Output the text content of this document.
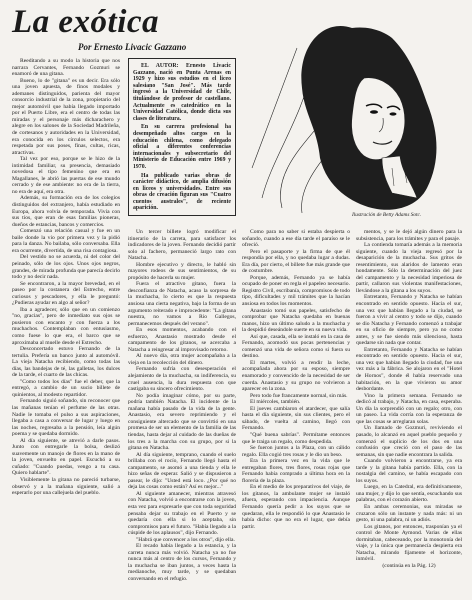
La exótica
Por Ernesto Livacic Gazzano

Reeditando a su modo la historia que nos narrara Cervantes, Fernando Gozmuri se enamoró de una gitana.

Bueno, lo de "gitana" es un decir. Era sólo una joven apuesta, de finos modales y ademanes distinguidos, parienta del mayor consorcio industrial de la zona, propietario del mejor automóvil que había llegado importado por el Puerto Libre, era el centro de todas las miradas y el personaje más dicharachero y alegre en los salones de la Sociedad Madrileña, de cortesanos y autoridades en la Universidad, era conocida en los círculos selectos, era respetada por sus poses, finas, cultas, ricas, atractivas.

Tal vez por eso, porque se le hizo de la intimidad familiar, su presencia, demasiado novedosa el tipo femenino que era en Magallanes, le abrió las puertas de ese mundo cerrado y de ese ambiente: no era de la tierra, no era de aquí, era otra.

Además, su formación era de los colegios distinguidos del extranjero, había estudiado en Europa, ahora volvía de temporada. Vivía con sus tíos, que eran de esas familias pioneras, dueños de estancias, bancos y comercios.

Comenzó una relación casual y fue en un baile donde la vio por primera vez y la pidió para la danza. No bailaba, sólo conversaba. Ella era ocurrente, divertida, de una risa contagiosa.

Del vestido no se acuerda, ni del color del peinado, sólo de los ojos. Unos ojos negros, grandes, de mirada profunda que parecía decirlo todo y no decir nada.

Se encontraron, a la mayor brevedad, en el paseo por la costanera del Estrecho, entre curiosos y pescadores, y ella le preguntó: ¿Pudieras ayudar en algo al señor?

Iba a agradecer, sólo que en un comienzo "no, gracias", pero de inmediato sus ojos se pusieron con encanto y con fuerza a los muchachos. Contemplaban con entusiasmo, como fuese lo que era, el barco que se aproximaba al muelle desde el Estrecho.

Desconcertado estuvo Fernando de la tertulia. Prefería un banco junto al automóvil. La vieja Natacha recibiendo, como todas las días, las bandejas de té, las galletas, los dulces de la tarde, el cuarto de las chicas.

"Como todos los días" fue el deber, que la entregó, a cambio de un sucio billete de quinientos, al modesto repartidor.

Fernando siguió soñando, sin reconocer que las mañanas tenían el perfume de las otras. Nadie le tomaba el pulso a sus aspiraciones, llegaba a casa a conversar de lugar y luego en las noches, regresaba a la pensión, leía algún poema y se quedaba dormido.

Al día siguiente, se atrevió a darle pasos. Junto con entregarle la bolsa, deslizó suavemente un manojo de flores en la mano de la joven, envuelto en papel. Escuchó a su cuñado: "Cuando puedas, vengo a tu casa. Quiero hablarte".

Visiblemente la gitana no pareció turbarse, observó y a la mañana siguiente, salió a esperarlo por una callejuela del pueblo.

EL AUTOR: Ernesto Livacic Gazzano, nació en Punta Arenas en 1929 y hizo sus estudios en el liceo salesiano "San José". Más tarde ingresó a la Universidad de Chile, titulándose de profesor de castellano. Actualmente es catedrático en la Universidad Católica, donde dicta sus clases de literatura.

En su carrera profesional ha desempeñado altos cargos en la educación chilena, como delegado oficial a diferentes conferencias internacionales y subsecretario del Ministerio de Educación entre 1969 y 1970.

Ha publicado varias obras de carácter didáctico, de amplia difusión en liceos y universidades. Entre sus obras de creación figuran sus "Cuatro cuentos australes", de reciente aparición.

Ilustración de Betty Adams Sotc.

Un tercer billete logró modificar el itinerario de la carreta, para satisfacer los indicadores de la joven. Fernando decidió partir solo al fachero, permaneció largo rato con Natacha.

Hombre ejecutivo y directo, le habló sin mayores rodeos de sus sentimientos, de su propósito de hacerla su mujer.

Fuera el atractivo gitano, fuera la desconfianza de Natacha, acaso la sorpresa de la muchacha, lo cierto es que la respuesta ansiosa una cierta negativa, bajo la forma de un argumento reiterado e improcedente: "La gitana nuestra, no vamos a Río Gallegos, permanecemos después del verano".

En esos momentos, acabando con el esfuerzo, Anastasio mostrado desde el campamento de los gitanos, se acercaba a Natacha a reingresar al improvisado retorno.

Al nuevo día, otra mujer acompañaba a la vieja en la recolección del dinero.

Fernando sufría con desesperación el alejamiento de la muchacha, su indiferencia, su cruel ausencia, la dura respuesta con que castigaba su sincero ofrecimiento.

No podía imaginar cómo, por su parte, podría también Natacha. El incidente de la mañana había pasado de la vida de la gente. Anastasio, era severo reprimiendo y el consiguiente altercado que se convirtió en una promesa de ser un elemento de la familia de las tiendas, hasta dejar al cuidado de las dueñas de los tres a la marcha con su grupo, por si la gitana en Natacha.

Al día siguiente, temprano, cuando el suelo brillaba con el rocío, Fernando llegó hasta el campamento, se asomó a una tienda y ella le hizo señas de esperar. Salió y se dispusieron a pasear, le dijo: "Usted está loco. ¿Por qué no deja las cosas como están? Así es mejor..."

Al siguiente amanecer, mientras atravesó con Natacha, volvió a encontrarse con la joven, esta vez para expresarle que con toda seguridad pensaba dejar su trabajo en el Puerto y se quedaría con ella si lo aceptaba, sin compromisos para el futuro. "Había llegado a la cúspide de los aplausos", dijo Fernando.

"Habrá que convencer a los otros", dijo ella.

El recado había llegado a la estancia, y la carreta nunca más volvió. Natacha ya no fue nunca más al centro de los cursos, Fernando y la muchacha se iban juntos, a veces hasta la medianoche, muy tarde, y se quedaban conversando en el refugio.

Como para no saber si estaba despierta o soñando, cuando a ese día tarde el paraíso se le ofreció.

Pero el pasaporte y la firma de que él respondía por ella, y no quedaba lugar a dudas. Era día, por cierto, el billete fue más grande que de costumbre.

Porque, además, Fernando ya se había ocupado de poner en regla el papeleo necesario. Registro Civil, escribanía, compromisos de todo tipo, dificultades y mil trámites que la hacían ansiosa en todos los momentos.

Anastasio tomó sus papeles, satisfecho de comprobar que Natacha quedaba en buenas manos, hizo un último saludo a la muchacha y la despidió deseándole suerte en su nueva vida.

Así que, casada, ella se instaló en la casa de Fernando, acomodó sus pocas pertenencias y comenzó una vida de señora como si fuera su destino.

El martes, volvió a rendir la leche, acompañada ahora por su esposo, siempre enamorado y convencido de la necesidad de ser cuerda. Anastasio y su grupo no volvieron a aparecer en la zona.

Pero todo fue francamente normal, sin más.

El miércoles, también.

El jueves cambiaron el atardecer, que salía hasta el día siguiente, sin sus clientes, pero el sábado, de vuelta al camino, llegó con Fernando.

"Qué buena sabrías". Permítame entonces que le traiga un regalo, como despedida.

Se fueron juntos a la Plaza, con un cálido regalo. Ella cogió tres rosas y le dio un beso.

Era la primera vez en la vida que le entregaban flores, tres flores, rosas rojas que Fernando había comprado a última hora en la florería de la plaza.

En el medio de los preparativos del viaje, de los gitanos, la ambulante mujer se instaló afuera, esperando con impaciencia. Aunque Fernando quería pedir a los suyos que se quedaran, ella le respondió lo que Anastasio le había dicho: que no era el lugar, que debía partir.

mentos, y se le dejó algún dinero para la subsistencia, para los trámites y para el pasaje.

La contienda tomaría además a la memoria siguiente, cuando la vieja regresó por la desaparición de la muchacha. Sus gritos de resentimiento, sus alaridos de lamento eran hondamente. Sólo la determinación del juez del campamento y la necesidad imperiosa de partir, callaron sus violentas manifestaciones, llevándose a la gitana a los suyos.

Entretanto, Fernando y Natacha se habían encontrado en sentido opuesto. Hacia el sur, una vez que habían llegado a la ciudad, se fueron a vivir al centro y todo se dijo, cuando se dio Natacha y Fernando comenzó a trabajar en su oficio de siempre, pero ya no como antes, y se fue siendo más silencioso, hasta quedarse sin nada que contar.

Entretanto, Fernando y Natacha se habían encontrado en sentido opuesto. Hacia el sur, una vez que habían llegado la ciudad, fue una vez más a la fábrica. Se alojaron en el "Hotel de Hornos", donde él había reservado una habitación, en la que vivieron su amor desbordante.

Vino la primera semana. Fernando se dedicó al trabajo, y Natacha, en casa, esperaba. Un día la sorprendió con un regalo; otro, con un paseo. La vida corría con la esperanza de que las cosas se arreglaran solas.

Un llamado de Gozmuri, reviviendo el pasado, lo alcanzó en aquel pueblo pequeño y comenzó el suplicio de los dos en una confusión que creció con el paso de las semanas, sin que nadie encontrara la salida.

Cuando volvieron a encontrarse, ya era tarde y la gitana había partido. Ella, con la nostalgia del camino, se había escapado con los suyos.

Luego, en la Catedral, era definitivamente, una mujer, y dijo lo que sentía, escuchando sus palabras, con el corazón abierto.

En ambas ceremonias, sus miradas se cruzaron sólo un instante y nada más: ni un gesto, ni una palabra, ni un adiós.

Los gitanos, por entonces, trasponían ya el control de Monte Aymond. Varias de ellas dormitaban, cabeceando, por la monotonía del viaje, y la única que permanecía despierta era Natacha, mirando fijamente el horizonte, inmóvil.

(continúa en la Pág. 12)
